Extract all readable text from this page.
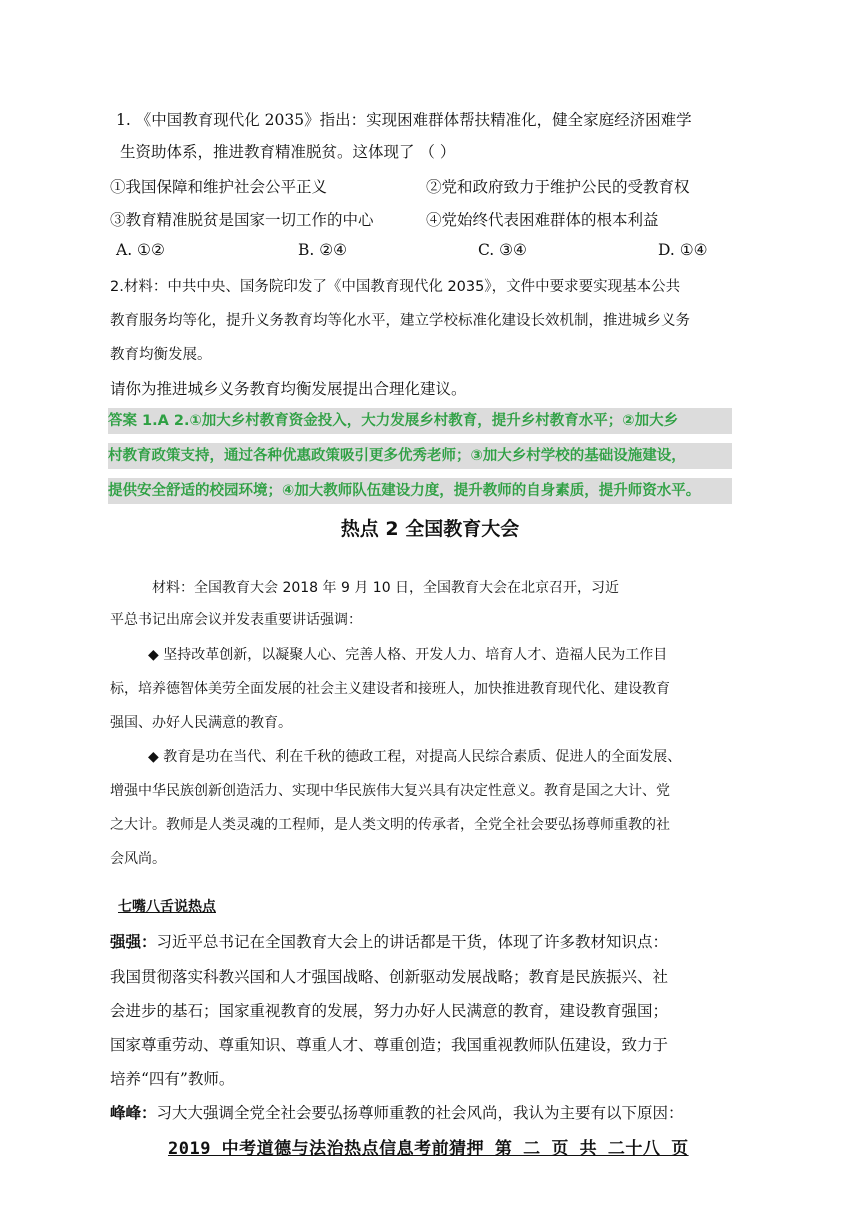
1. 《中国教育现代化 2035》指出：实现困难群体帮扶精准化，健全家庭经济困难学
生资助体系，推进教育精准脱贫。这体现了 （ ）
①我国保障和维护社会公平正义	②党和政府致力于维护公民的受教育权
③教育精准脱贫是国家一切工作的中心	④党始终代表困难群体的根本利益
A. ①②	B. ②④	C. ③④	D. ①④
2.材料：中共中央、国务院印发了《中国教育现代化 2035》，文件中要求要实现基本公共
教育服务均等化，提升义务教育均等化水平，建立学校标准化建设长效机制，推进城乡义务
教育均衡发展。
请你为推进城乡义务教育均衡发展提出合理化建议。
答案 1.A 2.①加大乡村教育资金投入，大力发展乡村教育，提升乡村教育水平；②加大乡
村教育政策支持，通过各种优惠政策吸引更多优秀老师；③加大乡村学校的基础设施建设，
提供安全舒适的校园环境；④加大教师队伍建设力度，提升教师的自身素质，提升师资水平。
热点 2 全国教育大会
材料：全国教育大会 2018 年 9 月 10 日，全国教育大会在北京召开，习近
平总书记出席会议并发表重要讲话强调：
◆ 坚持改革创新，以凝聚人心、完善人格、开发人力、培育人才、造福人民为工作目
标，培养德智体美劳全面发展的社会主义建设者和接班人，加快推进教育现代化、建设教育
强国、办好人民满意的教育。
◆ 教育是功在当代、利在千秋的德政工程，对提高人民综合素质、促进人的全面发展、
增强中华民族创新创造活力、实现中华民族伟大复兴具有决定性意义。教育是国之大计、党
之大计。教师是人类灵魂的工程师，是人类文明的传承者，全党全社会要弘扬尊师重教的社
会风尚。
七嘴八舌说热点
强强：习近平总书记在全国教育大会上的讲话都是干货，体现了许多教材知识点：
我国贯彻落实科教兴国和人才强国战略、创新驱动发展战略；教育是民族振兴、社
会进步的基石；国家重视教育的发展，努力办好人民满意的教育，建设教育强国；
国家尊重劳动、尊重知识、尊重人才、尊重创造；我国重视教师队伍建设，致力于
培养“四有”教师。
峰峰：习大大强调全党全社会要弘扬尊师重教的社会风尚，我认为主要有以下原因：
2019 中考道德与法治热点信息考前猜押 第 二 页 共 二十八 页
